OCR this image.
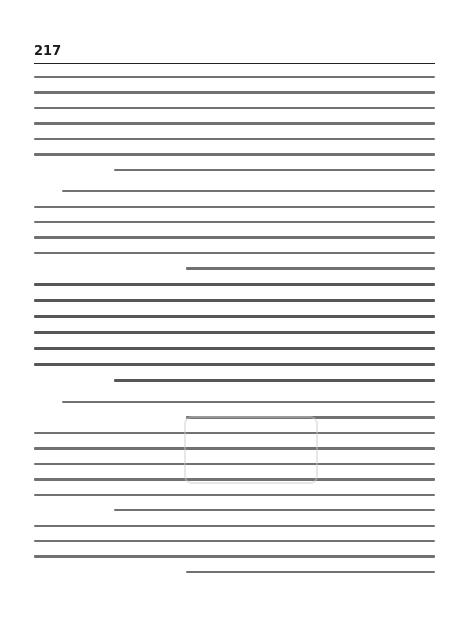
217
